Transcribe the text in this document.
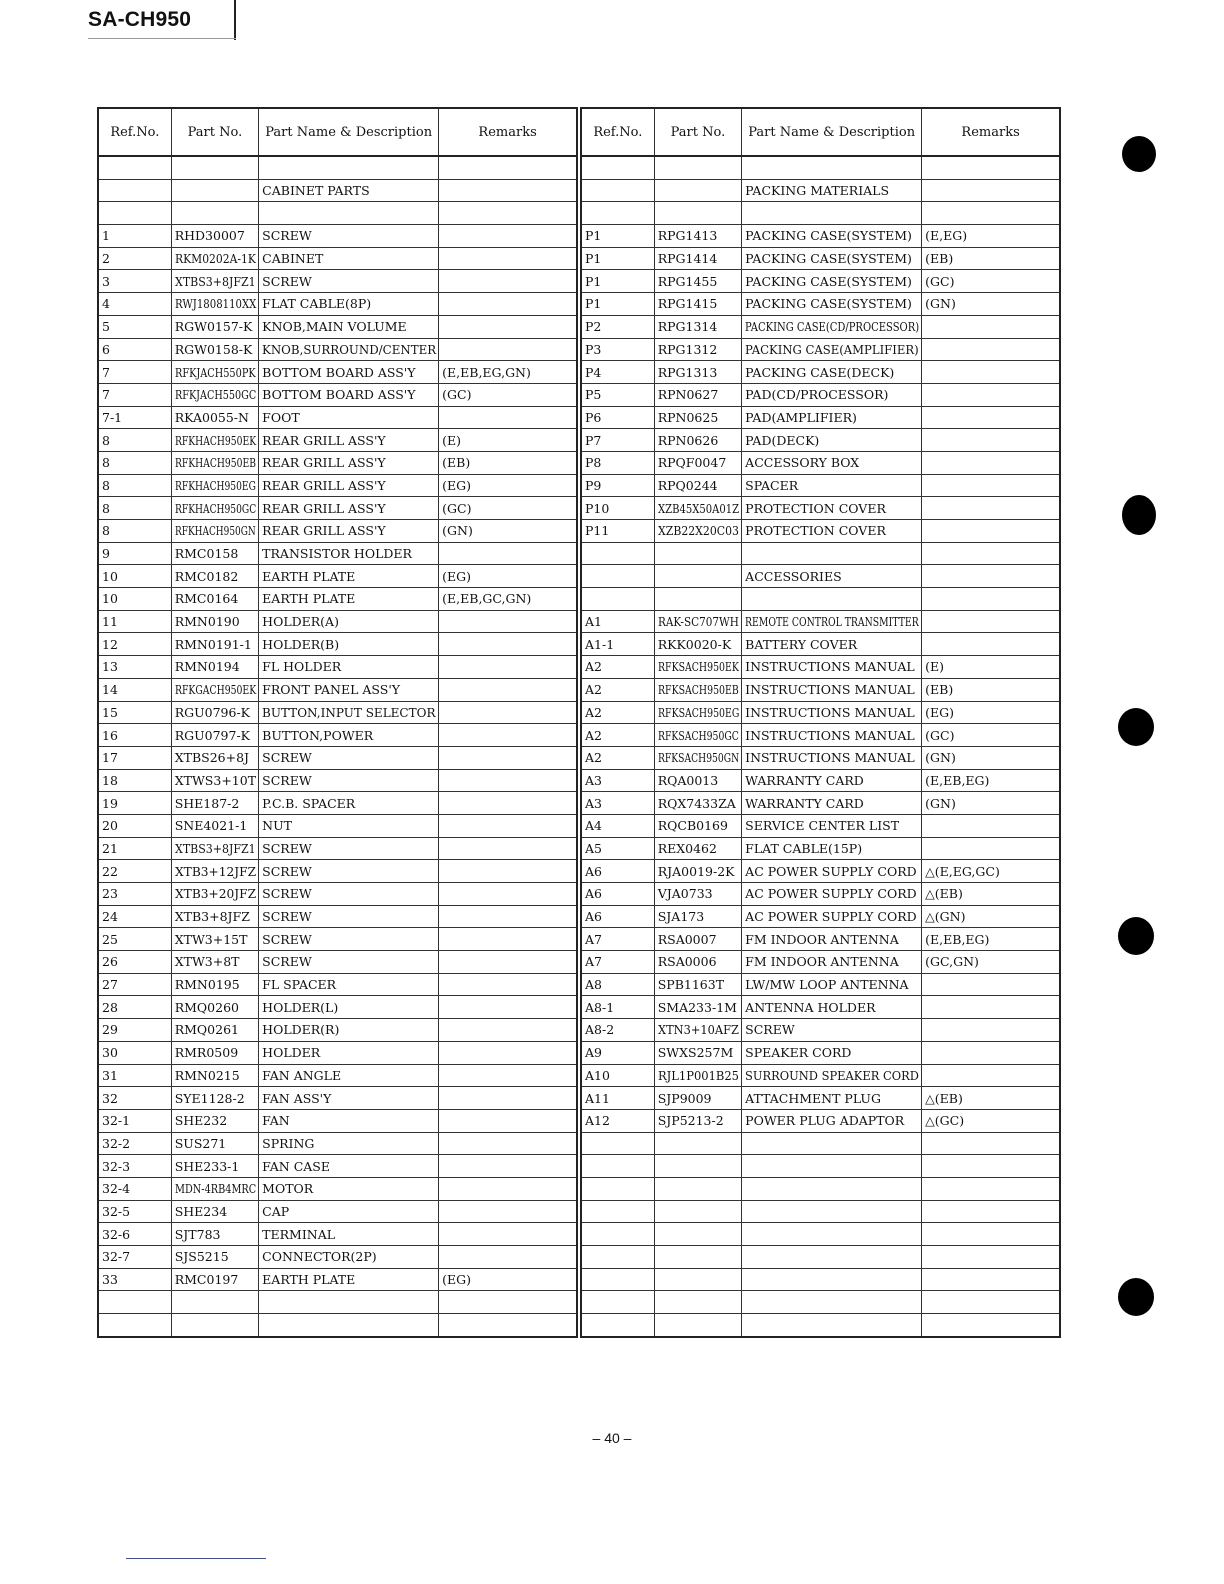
SA-CH950
Ref.No.	Part No.	Part Name & Description	Remarks

		CABINET PARTS	

1	RHD30007	SCREW	
2	RKM0202A-1K	CABINET	
3	XTBS3+8JFZ1	SCREW	
4	RWJ1808110XX	FLAT CABLE(8P)	
5	RGW0157-K	KNOB,MAIN VOLUME	
6	RGW0158-K	KNOB,SURROUND/CENTER	
7	RFKJACH550PK	BOTTOM BOARD ASS'Y	(E,EB,EG,GN)
7	RFKJACH550GC	BOTTOM BOARD ASS'Y	(GC)
7-1	RKA0055-N	FOOT	
8	RFKHACH950EK	REAR GRILL ASS'Y	(E)
8	RFKHACH950EB	REAR GRILL ASS'Y	(EB)
8	RFKHACH950EG	REAR GRILL ASS'Y	(EG)
8	RFKHACH950GC	REAR GRILL ASS'Y	(GC)
8	RFKHACH950GN	REAR GRILL ASS'Y	(GN)
9	RMC0158	TRANSISTOR HOLDER	
10	RMC0182	EARTH PLATE	(EG)
10	RMC0164	EARTH PLATE	(E,EB,GC,GN)
11	RMN0190	HOLDER(A)	
12	RMN0191-1	HOLDER(B)	
13	RMN0194	FL HOLDER	
14	RFKGACH950EK	FRONT PANEL ASS'Y	
15	RGU0796-K	BUTTON,INPUT SELECTOR	
16	RGU0797-K	BUTTON,POWER	
17	XTBS26+8J	SCREW	
18	XTWS3+10T	SCREW	
19	SHE187-2	P.C.B. SPACER	
20	SNE4021-1	NUT	
21	XTBS3+8JFZ1	SCREW	
22	XTB3+12JFZ	SCREW	
23	XTB3+20JFZ	SCREW	
24	XTB3+8JFZ	SCREW	
25	XTW3+15T	SCREW	
26	XTW3+8T	SCREW	
27	RMN0195	FL SPACER	
28	RMQ0260	HOLDER(L)	
29	RMQ0261	HOLDER(R)	
30	RMR0509	HOLDER	
31	RMN0215	FAN ANGLE	
32	SYE1128-2	FAN ASS'Y	
32-1	SHE232	FAN	
32-2	SUS271	SPRING	
32-3	SHE233-1	FAN CASE	
32-4	MDN-4RB4MRC	MOTOR	
32-5	SHE234	CAP	
32-6	SJT783	TERMINAL	
32-7	SJS5215	CONNECTOR(2P)	
33	RMC0197	EARTH PLATE	(EG)

Ref.No.	Part No.	Part Name & Description	Remarks

		PACKING MATERIALS	

P1	RPG1413	PACKING CASE(SYSTEM)	(E,EG)
P1	RPG1414	PACKING CASE(SYSTEM)	(EB)
P1	RPG1455	PACKING CASE(SYSTEM)	(GC)
P1	RPG1415	PACKING CASE(SYSTEM)	(GN)
P2	RPG1314	PACKING CASE(CD/PROCESSOR)	
P3	RPG1312	PACKING CASE(AMPLIFIER)	
P4	RPG1313	PACKING CASE(DECK)	
P5	RPN0627	PAD(CD/PROCESSOR)	
P6	RPN0625	PAD(AMPLIFIER)	
P7	RPN0626	PAD(DECK)	
P8	RPQF0047	ACCESSORY BOX	
P9	RPQ0244	SPACER	
P10	XZB45X50A01Z	PROTECTION COVER	
P11	XZB22X20C03	PROTECTION COVER	

		ACCESSORIES	

A1	RAK-SC707WH	REMOTE CONTROL TRANSMITTER	
A1-1	RKK0020-K	BATTERY COVER	
A2	RFKSACH950EK	INSTRUCTIONS MANUAL	(E)
A2	RFKSACH950EB	INSTRUCTIONS MANUAL	(EB)
A2	RFKSACH950EG	INSTRUCTIONS MANUAL	(EG)
A2	RFKSACH950GC	INSTRUCTIONS MANUAL	(GC)
A2	RFKSACH950GN	INSTRUCTIONS MANUAL	(GN)
A3	RQA0013	WARRANTY CARD	(E,EB,EG)
A3	RQX7433ZA	WARRANTY CARD	(GN)
A4	RQCB0169	SERVICE CENTER LIST	
A5	REX0462	FLAT CABLE(15P)	
A6	RJA0019-2K	AC POWER SUPPLY CORD	△(E,EG,GC)
A6	VJA0733	AC POWER SUPPLY CORD	△(EB)
A6	SJA173	AC POWER SUPPLY CORD	△(GN)
A7	RSA0007	FM INDOOR ANTENNA	(E,EB,EG)
A7	RSA0006	FM INDOOR ANTENNA	(GC,GN)
A8	SPB1163T	LW/MW LOOP ANTENNA	
A8-1	SMA233-1M	ANTENNA HOLDER	
A8-2	XTN3+10AFZ	SCREW	
A9	SWXS257M	SPEAKER CORD	
A10	RJL1P001B25	SURROUND SPEAKER CORD	
A11	SJP9009	ATTACHMENT PLUG	△(EB)
A12	SJP5213-2	POWER PLUG ADAPTOR	△(GC)

– 40 –
